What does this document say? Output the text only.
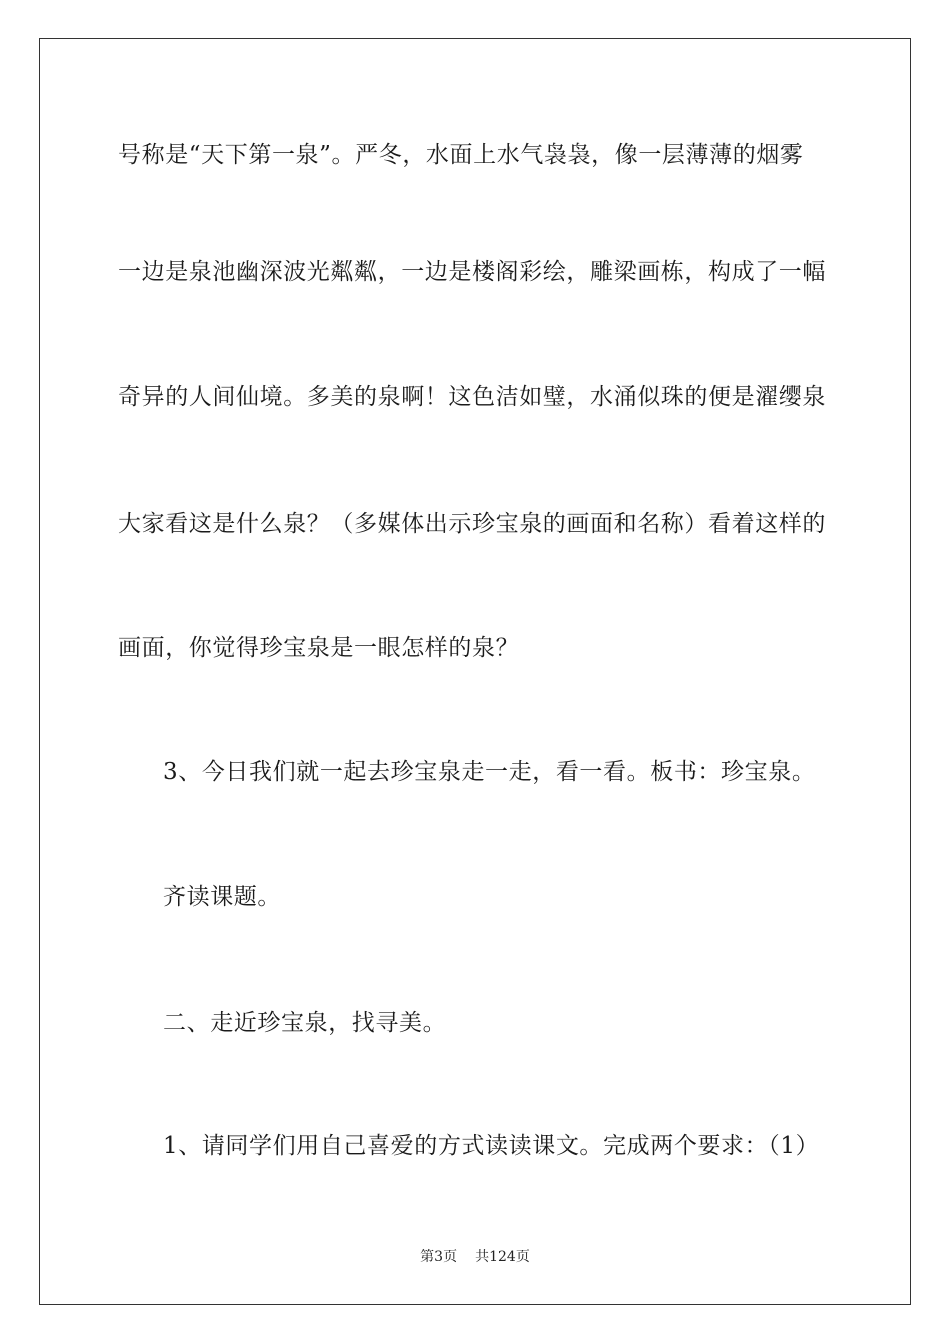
号称是“天下第一泉”。严冬，水面上水气袅袅，像一层薄薄的烟雾
一边是泉池幽深波光粼粼，一边是楼阁彩绘，雕梁画栋，构成了一幅
奇异的人间仙境。多美的泉啊！这色洁如璧，水涌似珠的便是濯缨泉
大家看这是什么泉？（多媒体出示珍宝泉的画面和名称）看着这样的
画面，你觉得珍宝泉是一眼怎样的泉？
3、今日我们就一起去珍宝泉走一走，看一看。板书：珍宝泉。
齐读课题。
二、走近珍宝泉，找寻美。
1、请同学们用自己喜爱的方式读读课文。完成两个要求：（1）
第3页 共124页
